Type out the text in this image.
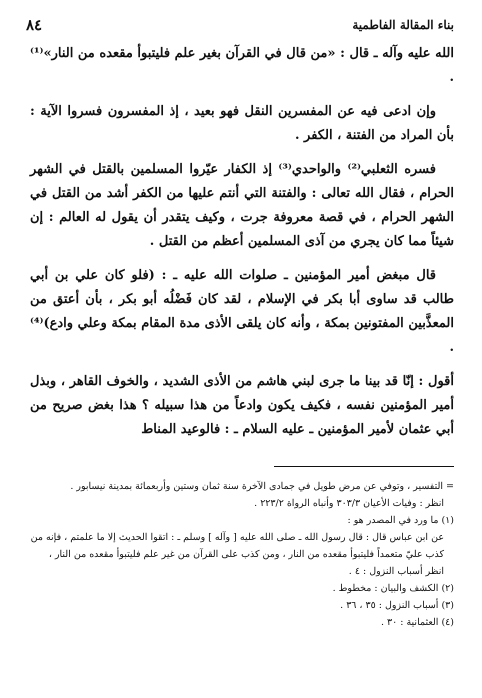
بناء المقالة الفاطمية
٨٤

الله عليه وآله ـ قال : «من قال في القرآن بغير علم فليتبوأ مقعده من النار»⁽¹⁾ .

وإن ادعى فيه عن المفسرين النقل فهو بعيد ، إذ المفسرون فسروا الآية : بأن المراد من الفتنة ، الكفر .

فسره الثعلبي⁽²⁾ والواحدي⁽³⁾ إذ الكفار عيّروا المسلمين بالقتل في الشهر الحرام ، فقال الله تعالى : والفتنة التي أنتم عليها من الكفر أشد من القتل في الشهر الحرام ، في قصة معروفة جرت ، وكيف يتقدر أن يقول له العالم : إن شيئاً مما كان يجري من آذى المسلمين أعظم من القتل .

قال مبغض أمير المؤمنين ـ صلوات الله عليه ـ : (فلو كان علي بن أبي طالب قد ساوى أبا بكر في الإسلام ، لقد كان فَضْلُه أبو بكر ، بأن أعتق من المعذَّبين المفتونين بمكة ، وأنه كان يلقى الأذى مدة المقام بمكة وعلي وادع)⁽⁴⁾ .

أقول : إنّا قد بينا ما جرى لبني هاشم من الأذى الشديد ، والخوف القاهر ، وبذل أمير المؤمنين نفسه ، فكيف يكون وادعاً من هذا سبيله ؟ هذا بغض صريح من أبي عثمان لأمير المؤمنين ـ عليه السلام ـ : فالوعيد المناط

= التفسير ، وتوفي عن مرض طويل في جمادى الآخرة سنة ثمان وستين وأربعمائة بمدينة نيسابور .

انظر : وفيات الأعيان ٣٠٣/٣ وأنباه الرواة ٢٢٣/٢ .

(١) ما ورد في المصدر هو :

عن ابن عباس قال : قال رسول الله ـ صلى الله عليه [ وآله ] وسلم ـ : اتقوا الحديث إلا ما علمتم ، فإنه من كذب عليّ متعمداً فليتبوأ مقعده من النار ، ومن كذب على القرآن من غير علم فليتبوأ مقعده من النار ، انظر أسباب النزول : ٤ .

(٢) الكشف والبيان : مخطوط .

(٣) أسباب النزول : ٣٥ ، ٣٦ .

(٤) العثمانية : ٣٠ .
